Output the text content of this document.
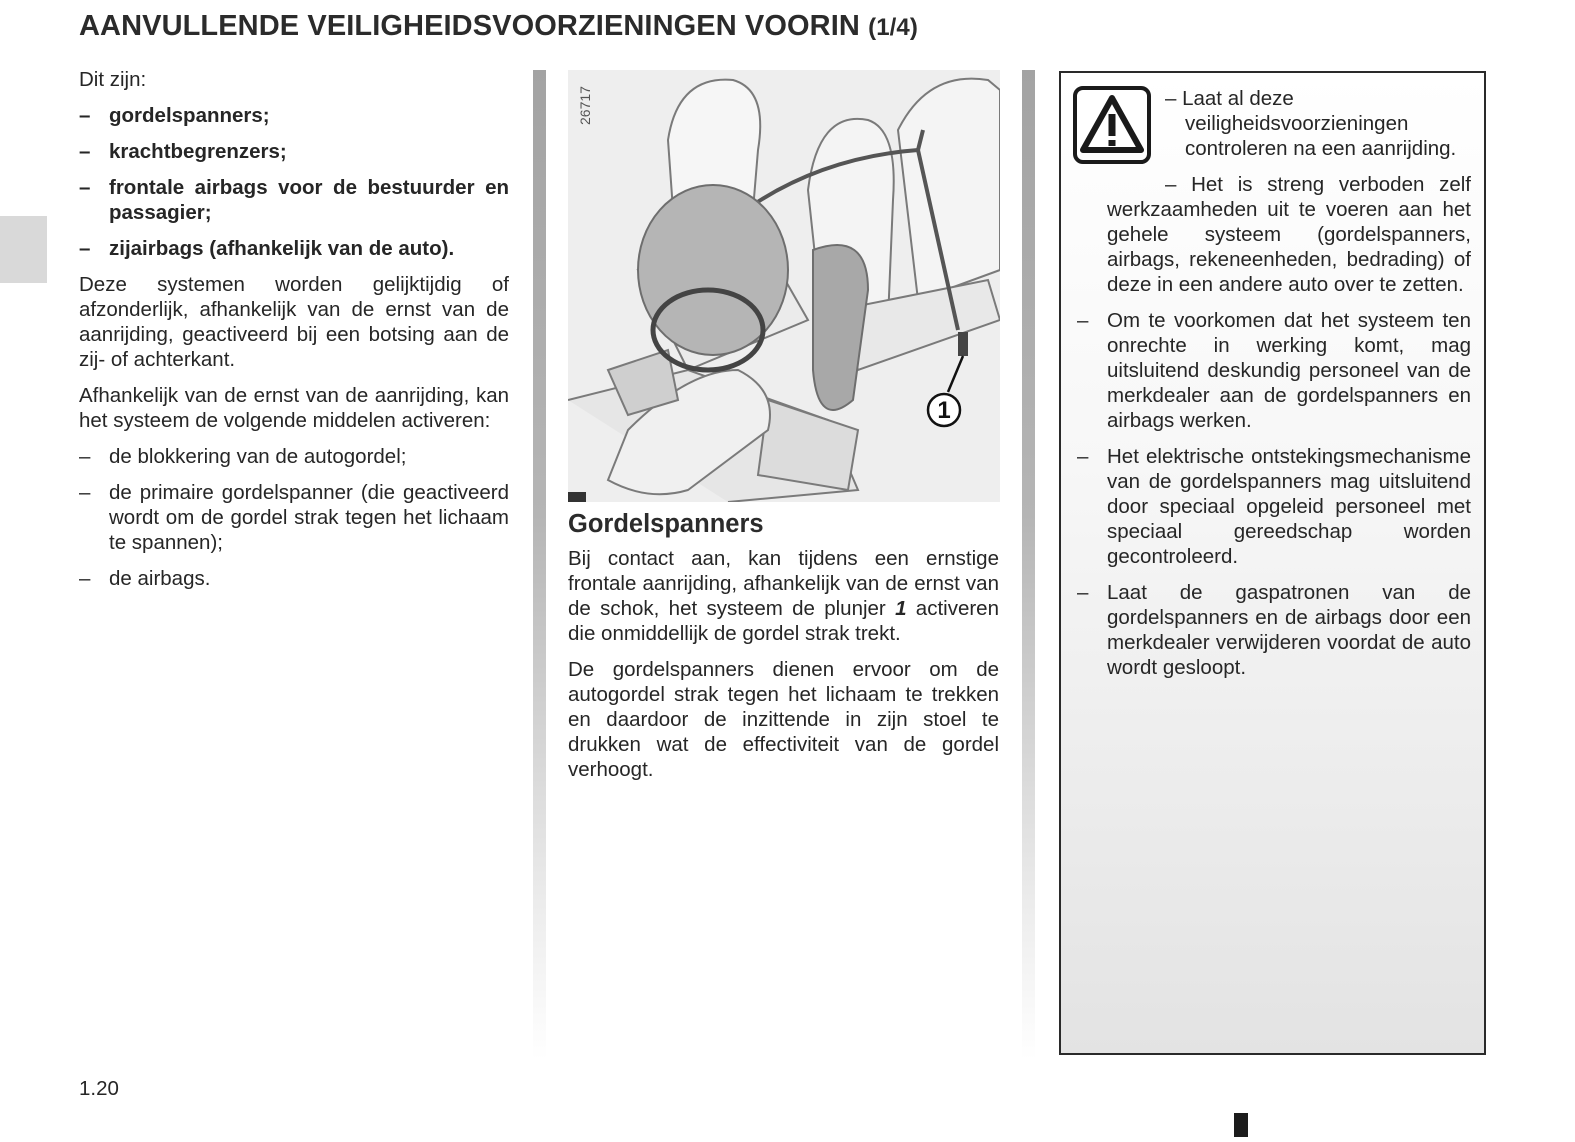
AANVULLENDE VEILIGHEIDSVOORZIENINGEN VOORIN (1/4)

Dit zijn:

– gordelspanners;
– krachtbegrenzers;
– frontale airbags voor de bestuurder en passagier;
– zijairbags (afhankelijk van de auto).

Deze systemen worden gelijktijdig of afzonderlijk, afhankelijk van de ernst van de aanrijding, geactiveerd bij een botsing aan de zij- of achterkant.

Afhankelijk van de ernst van de aanrijding, kan het systeem de volgende middelen activeren:

– de blokkering van de autogordel;
– de primaire gordelspanner (die geactiveerd wordt om de gordel strak tegen het lichaam te spannen);
– de airbags.
1
26717
Gordelspanners

Bij contact aan, kan tijdens een ernstige frontale aanrijding, afhankelijk van de ernst van de schok, het systeem de plunjer 1 activeren die onmiddellijk de gordel strak trekt.

De gordelspanners dienen ervoor om de autogordel strak tegen het lichaam te trekken en daardoor de inzittende in zijn stoel te drukken wat de effectiviteit van de gordel verhoogt.

– Laat al deze veiligheidsvoorzieningen controleren na een aanrijding.

– Het is streng verboden zelf werkzaamheden uit te voeren aan het gehele systeem (gordelspanners, airbags, rekeneenheden, bedrading) of deze in een andere auto over te zetten.

– Om te voorkomen dat het systeem ten onrechte in werking komt, mag uitsluitend deskundig personeel van de merkdealer aan de gordelspanners en airbags werken.
– Het elektrische ontstekingsmechanisme van de gordelspanners mag uitsluitend door speciaal opgeleid personeel met speciaal gereedschap worden gecontroleerd.
– Laat de gaspatronen van de gordelspanners en de airbags door een merkdealer verwijderen voordat de auto wordt gesloopt.
1.20
